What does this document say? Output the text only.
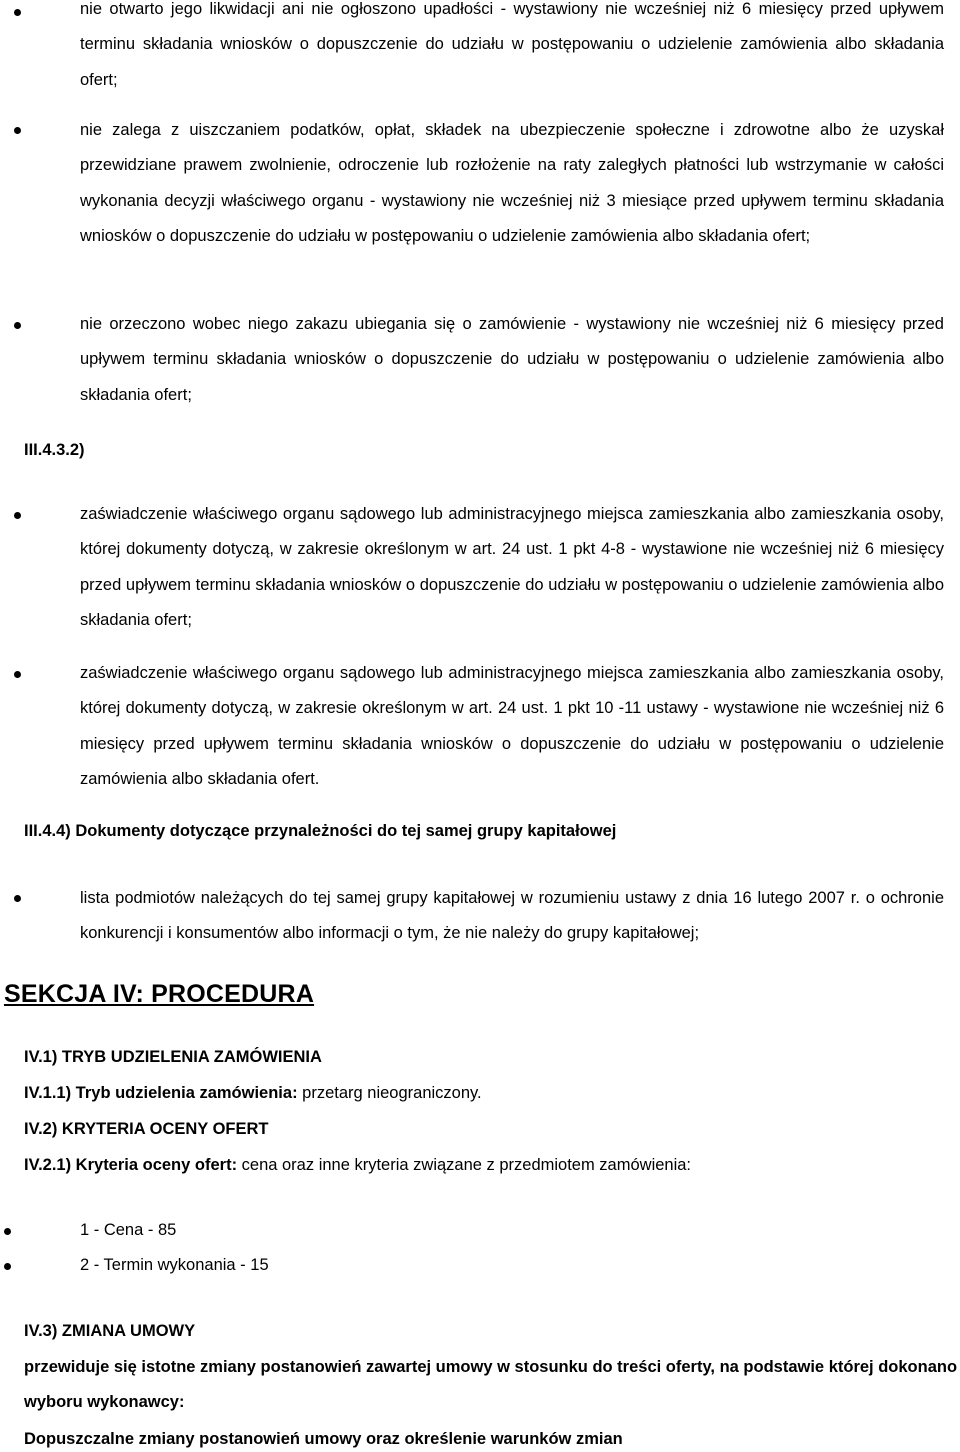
nie otwarto jego likwidacji ani nie ogłoszono upadłości - wystawiony nie wcześniej niż 6 miesięcy przed upływem terminu składania wniosków o dopuszczenie do udziału w postępowaniu o udzielenie zamówienia albo składania ofert;
nie zalega z uiszczaniem podatków, opłat, składek na ubezpieczenie społeczne i zdrowotne albo że uzyskał przewidziane prawem zwolnienie, odroczenie lub rozłożenie na raty zaległych płatności lub wstrzymanie w całości wykonania decyzji właściwego organu - wystawiony nie wcześniej niż 3 miesiące przed upływem terminu składania wniosków o dopuszczenie do udziału w postępowaniu o udzielenie zamówienia albo składania ofert;
nie orzeczono wobec niego zakazu ubiegania się o zamówienie - wystawiony nie wcześniej niż 6 miesięcy przed upływem terminu składania wniosków o dopuszczenie do udziału w postępowaniu o udzielenie zamówienia albo składania ofert;
III.4.3.2)
zaświadczenie właściwego organu sądowego lub administracyjnego miejsca zamieszkania albo zamieszkania osoby, której dokumenty dotyczą, w zakresie określonym w art. 24 ust. 1 pkt 4-8 - wystawione nie wcześniej niż 6 miesięcy przed upływem terminu składania wniosków o dopuszczenie do udziału w postępowaniu o udzielenie zamówienia albo składania ofert;
zaświadczenie właściwego organu sądowego lub administracyjnego miejsca zamieszkania albo zamieszkania osoby, której dokumenty dotyczą, w zakresie określonym w art. 24 ust. 1 pkt 10 -11 ustawy - wystawione nie wcześniej niż 6 miesięcy przed upływem terminu składania wniosków o dopuszczenie do udziału w postępowaniu o udzielenie zamówienia albo składania ofert.
III.4.4) Dokumenty dotyczące przynależności do tej samej grupy kapitałowej
lista podmiotów należących do tej samej grupy kapitałowej w rozumieniu ustawy z dnia 16 lutego 2007 r. o ochronie konkurencji i konsumentów albo informacji o tym, że nie należy do grupy kapitałowej;
SEKCJA IV: PROCEDURA
IV.1) TRYB UDZIELENIA ZAMÓWIENIA
IV.1.1) Tryb udzielenia zamówienia: przetarg nieograniczony.
IV.2) KRYTERIA OCENY OFERT
IV.2.1) Kryteria oceny ofert: cena oraz inne kryteria związane z przedmiotem zamówienia:
1 - Cena - 85
2 - Termin wykonania - 15
IV.3) ZMIANA UMOWY
przewiduje się istotne zmiany postanowień zawartej umowy w stosunku do treści oferty, na podstawie której dokonano wyboru wykonawcy:
Dopuszczalne zmiany postanowień umowy oraz określenie warunków zmian
